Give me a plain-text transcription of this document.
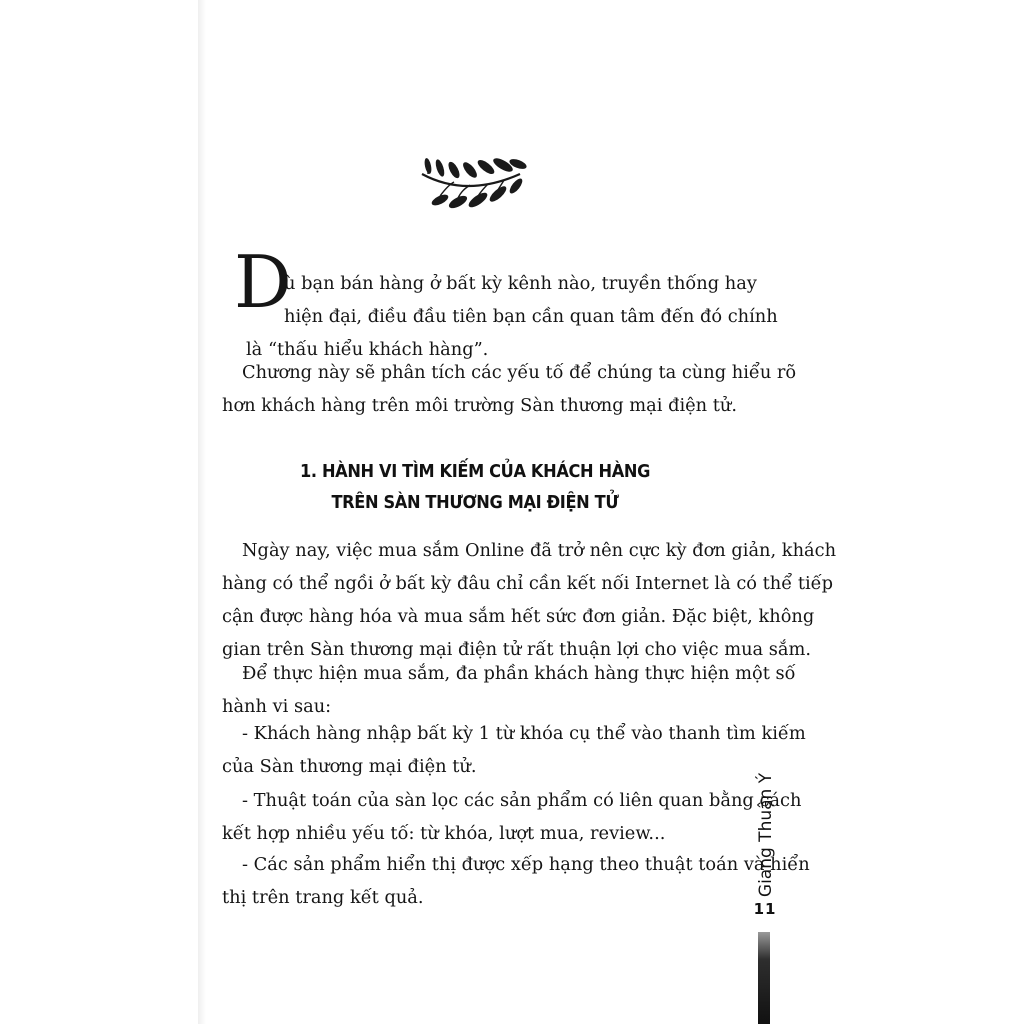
D

ù bạn bán hàng ở bất kỳ kênh nào, truyền thống hay
hiện đại, điều đầu tiên bạn cần quan tâm đến đó chính
là “thấu hiểu khách hàng”.

Chương này sẽ phân tích các yếu tố để chúng ta cùng hiểu rõ
hơn khách hàng trên môi trường Sàn thương mại điện tử.

1. HÀNH VI TÌM KIẾM CỦA KHÁCH HÀNG
TRÊN SÀN THƯƠNG MẠI ĐIỆN TỬ

Ngày nay, việc mua sắm Online đã trở nên cực kỳ đơn giản, khách
hàng có thể ngồi ở bất kỳ đâu chỉ cần kết nối Internet là có thể tiếp
cận được hàng hóa và mua sắm hết sức đơn giản. Đặc biệt, không
gian trên Sàn thương mại điện tử rất thuận lợi cho việc mua sắm.

Để thực hiện mua sắm, đa phần khách hàng thực hiện một số
hành vi sau:

- Khách hàng nhập bất kỳ 1 từ khóa cụ thể vào thanh tìm kiếm
của Sàn thương mại điện tử.

- Thuật toán của sàn lọc các sản phẩm có liên quan bằng cách
kết hợp nhiều yếu tố: từ khóa, lượt mua, review...

- Các sản phẩm hiển thị được xếp hạng theo thuật toán và hiển
thị trên trang kết quả.

Giang Thuận Ý
11
